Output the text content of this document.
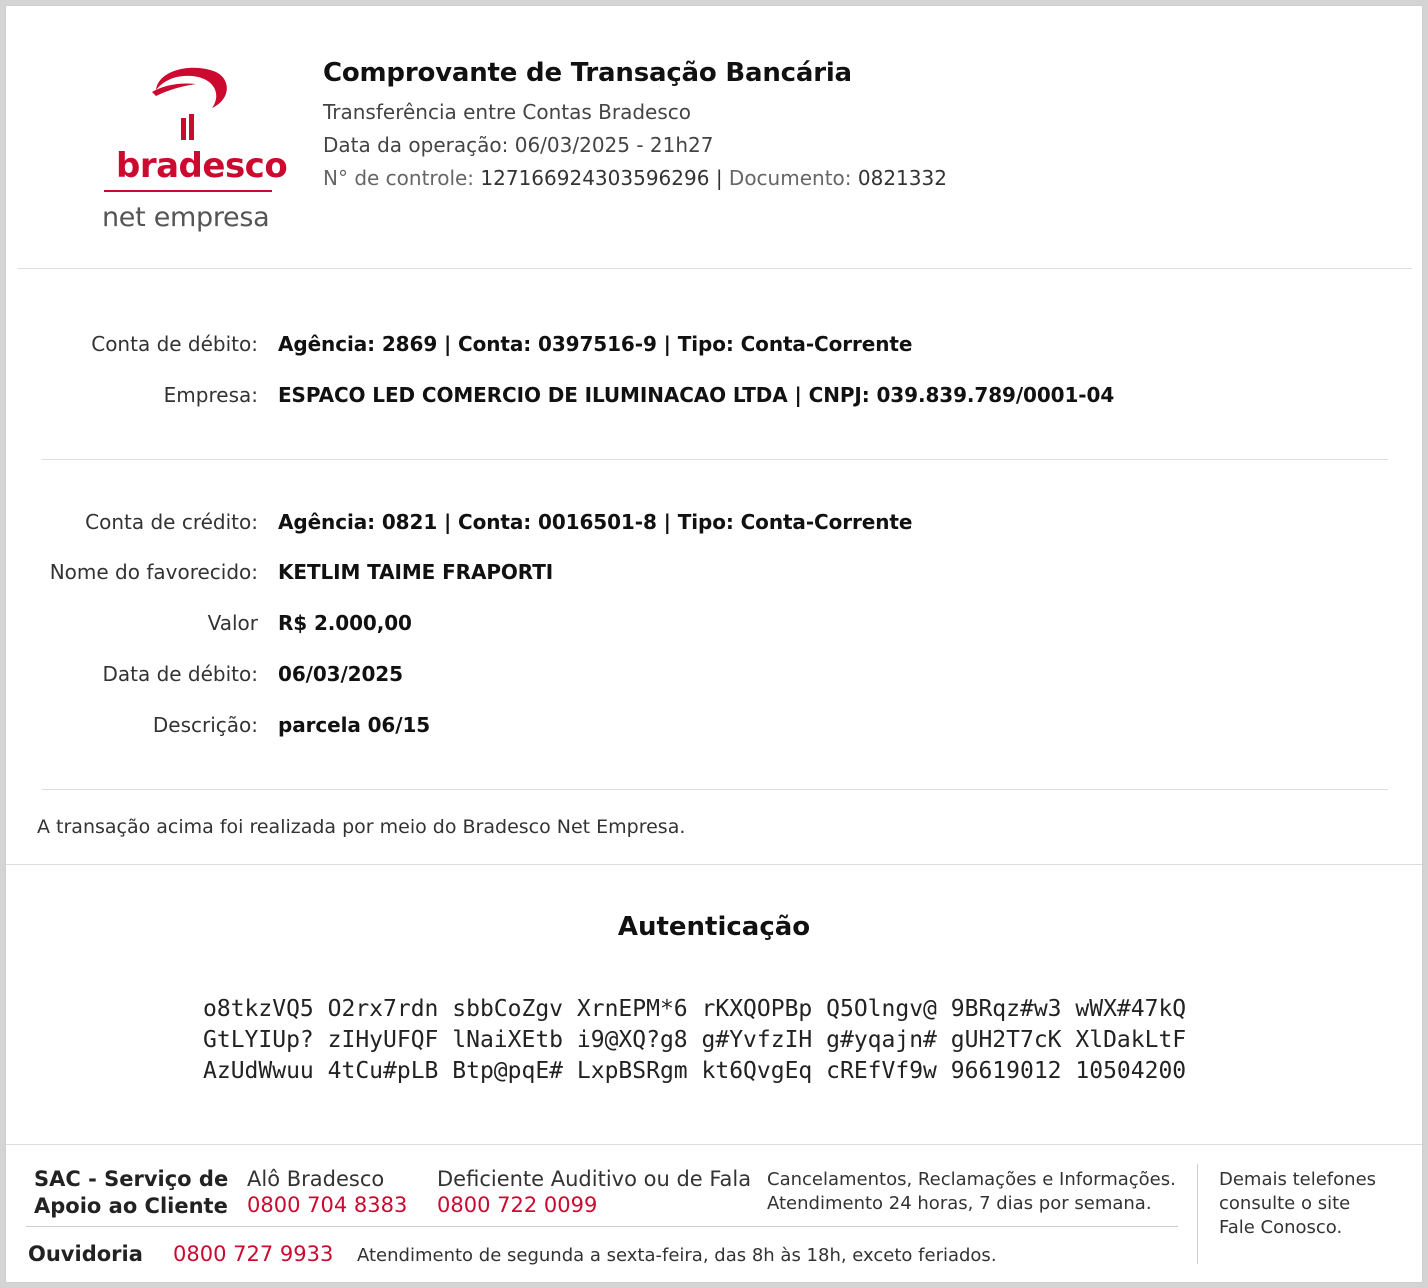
bradesco
net empresa
Comprovante de Transação Bancária
Transferência entre Contas Bradesco
Data da operação: 06/03/2025 - 21h27
N° de controle: 127166924303596296 | Documento: 0821332
Conta de débito: Agência: 2869 | Conta: 0397516-9 | Tipo: Conta-Corrente
Empresa: ESPACO LED COMERCIO DE ILUMINACAO LTDA | CNPJ: 039.839.789/0001-04
Conta de crédito: Agência: 0821 | Conta: 0016501-8 | Tipo: Conta-Corrente
Nome do favorecido: KETLIM TAIME FRAPORTI
Valor R$ 2.000,00
Data de débito: 06/03/2025
Descrição: parcela 06/15
A transação acima foi realizada por meio do Bradesco Net Empresa.
Autenticação
o8tkzVQ5 O2rx7rdn sbbCoZgv XrnEPM*6 rKXQOPBp Q5Olngv@ 9BRqz#w3 wWX#47kQ
GtLYIUp? zIHyUFQF lNaiXEtb i9@XQ?g8 g#YvfzIH g#yqajn# gUH2T7cK XlDakLtF
AzUdWwuu 4tCu#pLB Btp@pqE# LxpBSRgm kt6QvgEq cREfVf9w 96619012 10504200
SAC - Serviço de
Apoio ao Cliente
Alô Bradesco
0800 704 8383
Deficiente Auditivo ou de Fala
0800 722 0099
Cancelamentos, Reclamações e Informações.
Atendimento 24 horas, 7 dias por semana.
Demais telefones
consulte o site
Fale Conosco.
Ouvidoria 0800 727 9933 Atendimento de segunda a sexta-feira, das 8h às 18h, exceto feriados.
